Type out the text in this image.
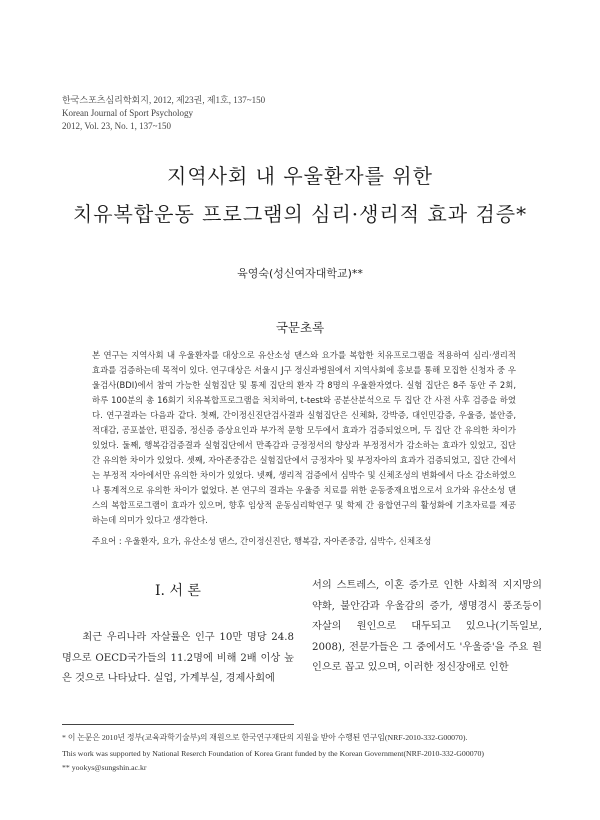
한국스포츠심리학회지, 2012, 제23권, 제1호, 137~150
Korean Journal of Sport Psychology
2012, Vol. 23, No. 1, 137~150
지역사회 내 우울환자를 위한
치유복합운동 프로그램의 심리·생리적 효과 검증*
육영숙(성신여자대학교)**
국문초록
본 연구는 지역사회 내 우울환자를 대상으로 유산소성 댄스와 요가를 복합한 치유프로그램을 적용하여 심리·생리적 효과를 검증하는데 목적이 있다. 연구대상은 서울시 J구 정신과병원에서 지역사회에 홍보를 통해 모집한 신청자 중 우울검사(BDI)에서 참여 가능한 실험집단 및 통제 집단의 환자 각 8명의 우울환자였다. 실험 집단은 8주 동안 주 2회, 하루 100분의 총 16회기 치유복합프로그램을 처치하여, t-test와 공분산분석으로 두 집단 간 사전 사후 검증을 하였다. 연구결과는 다음과 같다. 첫째, 간이정신진단검사결과 실험집단은 신체화, 강박증, 대인민감증, 우울증, 불안증, 적대감, 공포불안, 편집증, 정신증 증상요인과 부가적 문항 모두에서 효과가 검증되었으며, 두 집단 간 유의한 차이가 있었다. 둘째, 행복감검증결과 실험집단에서 만족감과 긍정정서의 향상과 부정정서가 감소하는 효과가 있었고, 집단 간 유의한 차이가 있었다. 셋째, 자아존중감은 실험집단에서 긍정자아 및 부정자아의 효과가 검증되었고, 집단 간에서는 부정적 자아에서만 유의한 차이가 있었다. 넷째, 생리적 검증에서 심박수 및 신체조성의 변화에서 다소 감소하였으나 통계적으로 유의한 차이가 없었다. 본 연구의 결과는 우울증 치료를 위한 운동중재요법으로서 요가와 유산소성 댄스의 복합프로그램이 효과가 있으며, 향후 임상적 운동심리학연구 및 학제 간 융합연구의 활성화에 기초자료를 제공하는데 의미가 있다고 생각한다.
주요어 : 우울환자, 요가, 유산소성 댄스, 간이정신진단, 행복감, 자아존중감, 심박수, 신체조성
I. 서 론
최근 우리나라 자살률은 인구 10만 명당 24.8명으로 OECD국가들의 11.2명에 비해 2배 이상 높은 것으로 나타났다. 실업, 가계부실, 경제사회에
서의 스트레스, 이혼 증가로 인한 사회적 지지망의 약화, 불안감과 우울감의 증가, 생명경시 풍조등이 자살의 원인으로 대두되고 있으나(기독일보, 2008), 전문가들은 그 중에서도 '우울증'을 주요 원인으로 꼽고 있으며, 이러한 정신장애로 인한
* 이 논문은 2010년 정부(교육과학기술부)의 재원으로 한국연구재단의 지원을 받아 수행된 연구임(NRF-2010-332-G00070).
This work was supported by National Reserch Foundation of Korea Grant funded by the Korean Government(NRF-2010-332-G00070)
** yookys@sungshin.ac.kr
